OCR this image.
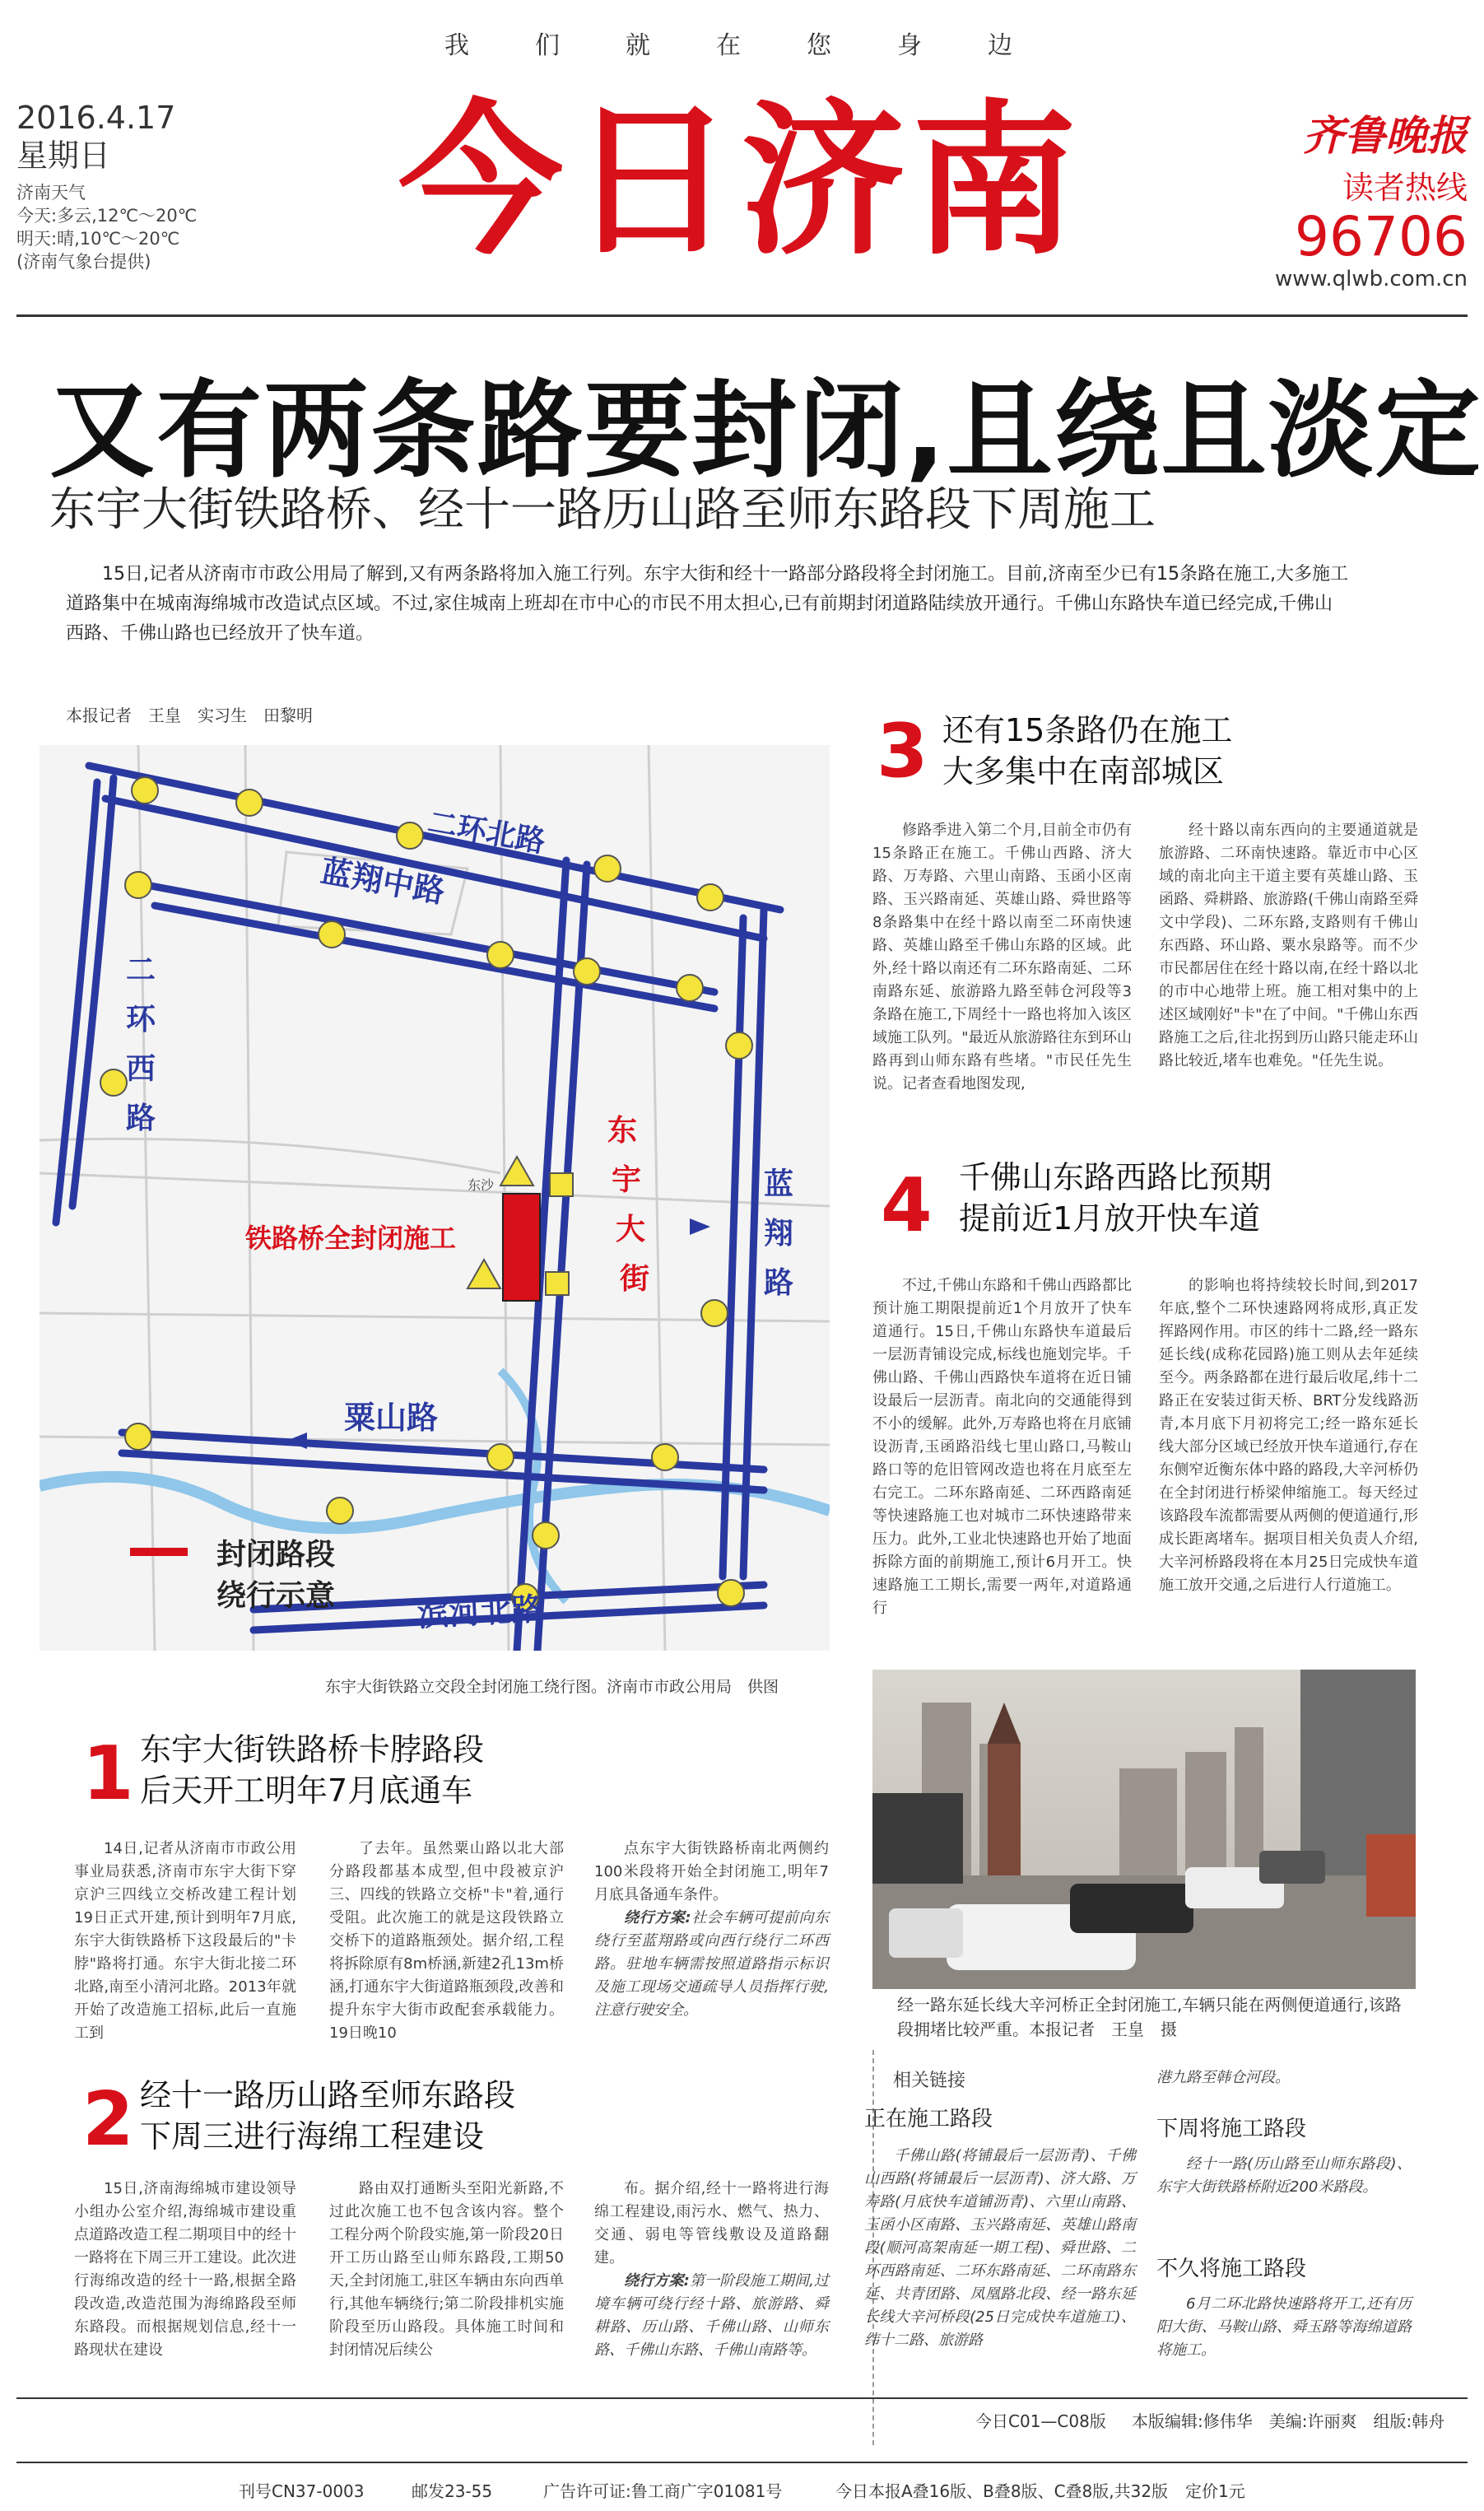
我们就在您身边
2016.4.17
星期日
济南天气
今天:多云,12℃～20℃
明天:晴,10℃～20℃
(济南气象台提供) 今日济南	齐鲁晚报
读者热线
96706
www.qlwb.com.cn
又有两条路要封闭,且绕且淡定
东宇大街铁路桥、经十一路历山路至师东路段下周施工
15日,记者从济南市市政公用局了解到,又有两条路将加入施工行列。东宇大街和经十一路部分路段将全封闭施工。目前,济南至少已有15条路在施工,大多施工道路集中在城南海绵城市改造试点区域。不过,家住城南上班却在市中心的市民不用太担心,已有前期封闭道路陆续放开通行。千佛山东路快车道已经完成,千佛山西路、千佛山路也已经放开了快车道。
本报记者　王皇　实习生　田黎明
二环北路
蓝翔中路
粟山路
滨河北路
二
环
西
路
蓝
翔
路
东
宇
大
街
铁路桥全封闭施工
东沙
封闭路段
绕行示意
东宇大街铁路立交段全封闭施工绕行图。济南市市政公用局　供图
3 还有15条路仍在施工
大多集中在南部城区
修路季进入第二个月,目前全市仍有15条路正在施工。千佛山西路、济大路、万寿路、六里山南路、玉函小区南路、玉兴路南延、英雄山路、舜世路等8条路集中在经十路以南至二环南快速路、英雄山路至千佛山东路的区域。此外,经十路以南还有二环东路南延、二环南路东延、旅游路九路至韩仓河段等3条路在施工,下周经十一路也将加入该区域施工队列。"最近从旅游路往东到环山路再到山师东路有些堵。"市民任先生说。记者查看地图发现,
经十路以南东西向的主要通道就是旅游路、二环南快速路。靠近市中心区域的南北向主干道主要有英雄山路、玉函路、舜耕路、旅游路(千佛山南路至舜文中学段)、二环东路,支路则有千佛山东西路、环山路、粟水泉路等。而不少市民都居住在经十路以南,在经十路以北的市中心地带上班。施工相对集中的上述区域刚好"卡"在了中间。"千佛山东西路施工之后,往北拐到历山路只能走环山路比较近,堵车也难免。"任先生说。
4 千佛山东路西路比预期
提前近1月放开快车道
不过,千佛山东路和千佛山西路都比预计施工期限提前近1个月放开了快车道通行。15日,千佛山东路快车道最后一层沥青铺设完成,标线也施划完毕。千佛山路、千佛山西路快车道将在近日铺设最后一层沥青。南北向的交通能得到不小的缓解。此外,万寿路也将在月底铺设沥青,玉函路沿线七里山路口,马鞍山路口等的危旧管网改造也将在月底至左右完工。二环东路南延、二环西路南延等快速路施工也对城市二环快速路带来压力。此外,工业北快速路也开始了地面拆除方面的前期施工,预计6月开工。快速路施工工期长,需要一两年,对道路通行
的影响也将持续较长时间,到2017年底,整个二环快速路网将成形,真正发挥路网作用。市区的纬十二路,经一路东延长线(成称花园路)施工则从去年延续至今。两条路都在进行最后收尾,纬十二路正在安装过街天桥、BRT分发线路沥青,本月底下月初将完工;经一路东延长线大部分区域已经放开快车道通行,存在东侧窄近衡东体中路的路段,大辛河桥仍在全封闭进行桥梁伸缩施工。每天经过该路段车流都需要从两侧的便道通行,形成长距离堵车。据项目相关负责人介绍,大辛河桥路段将在本月25日完成快车道施工放开交通,之后进行人行道施工。
1 东宇大街铁路桥卡脖路段
后天开工明年7月底通车
14日,记者从济南市市政公用事业局获悉,济南市东宇大街下穿京沪三四线立交桥改建工程计划19日正式开建,预计到明年7月底,东宇大街铁路桥下这段最后的"卡脖"路将打通。东宇大街北接二环北路,南至小清河北路。2013年就开始了改造施工招标,此后一直施工到
了去年。虽然粟山路以北大部分路段都基本成型,但中段被京沪三、四线的铁路立交桥"卡"着,通行受阻。此次施工的就是这段铁路立交桥下的道路瓶颈处。据介绍,工程将拆除原有8m桥涵,新建2孔13m桥涵,打通东宇大街道路瓶颈段,改善和提升东宇大街市政配套承载能力。19日晚10
点东宇大街铁路桥南北两侧约100米段将开始全封闭施工,明年7月底具备通车条件。
绕行方案:社会车辆可提前向东绕行至蓝翔路或向西行绕行二环西路。驻地车辆需按照道路指示标识及施工现场交通疏导人员指挥行驶,注意行驶安全。
2 经十一路历山路至师东路段
下周三进行海绵工程建设
15日,济南海绵城市建设领导小组办公室介绍,海绵城市建设重点道路改造工程二期项目中的经十一路将在下周三开工建设。此次进行海绵改造的经十一路,根据全路段改造,改造范围为海绵路段至师东路段。而根据规划信息,经十一路现状在建设
路由双打通断头至阳光新路,不过此次施工也不包含该内容。整个工程分两个阶段实施,第一阶段20日开工历山路至山师东路段,工期50天,全封闭施工,驻区车辆由东向西单行,其他车辆绕行;第二阶段排机实施阶段至历山路段。具体施工时间和封闭情况后续公
布。据介绍,经十一路将进行海绵工程建设,雨污水、燃气、热力、交通、弱电等管线敷设及道路翻建。
绕行方案:第一阶段施工期间,过境车辆可绕行经十路、旅游路、舜耕路、历山路、千佛山路、山师东路、千佛山东路、千佛山南路等。
经一路东延长线大辛河桥正全封闭施工,车辆只能在两侧便道通行,该路段拥堵比较严重。本报记者　王皇　摄
相关链接
正在施工路段
千佛山路(将铺最后一层沥青)、千佛山西路(将铺最后一层沥青)、济大路、万寿路(月底快车道铺沥青)、六里山南路、玉函小区南路、玉兴路南延、英雄山路南段(顺河高架南延一期工程)、舜世路、二环西路南延、二环东路南延、二环南路东延、共青团路、凤凰路北段、经一路东延长线大辛河桥段(25日完成快车道施工)、纬十二路、旅游路
港九路至韩仓河段。
下周将施工路段
经十一路(历山路至山师东路段)、东宇大街铁路桥附近200米路段。
不久将施工路段
6月二环北路快速路将开工,还有历阳大街、马鞍山路、舜玉路等海绵道路将施工。
今日C01—C08版 本版编辑:修伟华　美编:许丽爽　组版:韩舟
刊号CN37-0003	邮发23-55	广告许可证:鲁工商广字01081号	今日本报A叠16版、B叠8版、C叠8版,共32版 定价1元
